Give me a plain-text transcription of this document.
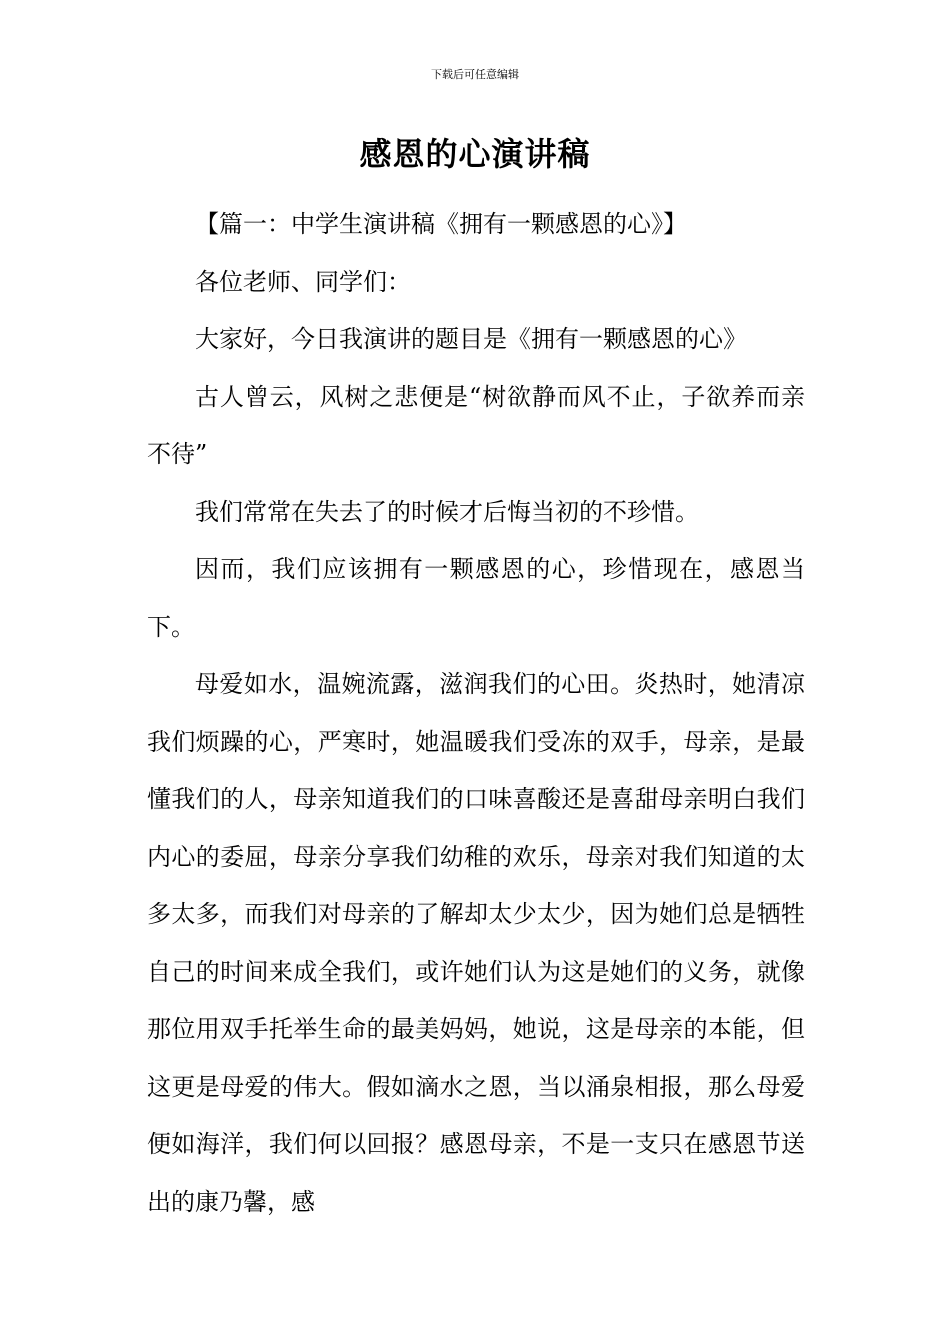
下载后可任意编辑
感恩的心演讲稿

【篇一：中学生演讲稿《拥有一颗感恩的心》】

各位老师、同学们：

大家好，今日我演讲的题目是《拥有一颗感恩的心》

古人曾云，风树之悲便是“树欲静而风不止，子欲养而亲不待”

我们常常在失去了的时候才后悔当初的不珍惜。

因而，我们应该拥有一颗感恩的心，珍惜现在，感恩当下。

母爱如水，温婉流露，滋润我们的心田。炎热时，她清凉我们烦躁的心，严寒时，她温暖我们受冻的双手，母亲，是最懂我们的人，母亲知道我们的口味喜酸还是喜甜母亲明白我们内心的委屈，母亲分享我们幼稚的欢乐，母亲对我们知道的太多太多，而我们对母亲的了解却太少太少，因为她们总是牺牲自己的时间来成全我们，或许她们认为这是她们的义务，就像那位用双手托举生命的最美妈妈，她说，这是母亲的本能，但这更是母爱的伟大。假如滴水之恩，当以涌泉相报，那么母爱便如海洋，我们何以回报？感恩母亲，不是一支只在感恩节送出的康乃馨，感
